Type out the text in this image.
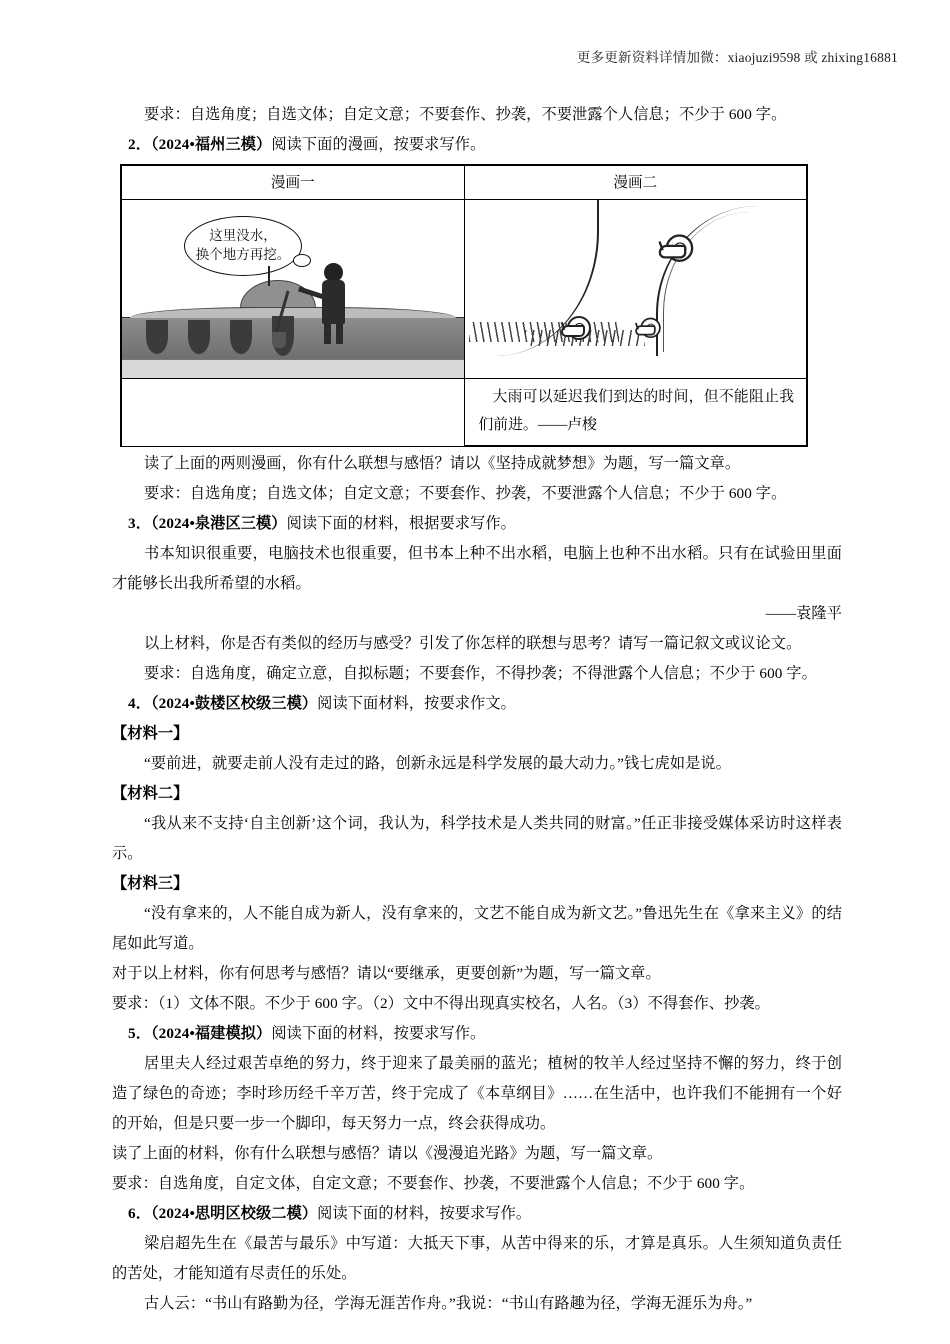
更多更新资料详情加微：xiaojuzi9598 或 zhixing16881

要求：自选角度；自选文体；自定文意；不要套作、抄袭，不要泄露个人信息；不少于 600 字。

2．（2024•福州三模）阅读下面的漫画，按要求写作。

漫画一	漫画二

这里没水，
换个地方再挖。	

	大雨可以延迟我们到达的时间，但不能阻止我们前进。——卢梭

读了上面的两则漫画，你有什么联想与感悟？请以《坚持成就梦想》为题，写一篇文章。

要求：自选角度；自选文体；自定文意；不要套作、抄袭，不要泄露个人信息；不少于 600 字。

3．（2024•泉港区三模）阅读下面的材料，根据要求写作。

书本知识很重要，电脑技术也很重要，但书本上种不出水稻，电脑上也种不出水稻。只有在试验田里面才能够长出我所希望的水稻。

——袁隆平

以上材料，你是否有类似的经历与感受？引发了你怎样的联想与思考？请写一篇记叙文或议论文。

要求：自选角度，确定立意，自拟标题；不要套作，不得抄袭；不得泄露个人信息；不少于 600 字。

4．（2024•鼓楼区校级三模）阅读下面材料，按要求作文。

【材料一】

“要前进，就要走前人没有走过的路，创新永远是科学发展的最大动力。”钱七虎如是说。

【材料二】

“我从来不支持‘自主创新’这个词，我认为，科学技术是人类共同的财富。”任正非接受媒体采访时这样表示。

【材料三】

“没有拿来的，人不能自成为新人，没有拿来的，文艺不能自成为新文艺。”鲁迅先生在《拿来主义》的结尾如此写道。

对于以上材料，你有何思考与感悟？请以“要继承，更要创新”为题，写一篇文章。

要求：（1）文体不限。不少于 600 字。（2）文中不得出现真实校名，人名。（3）不得套作、抄袭。

5．（2024•福建模拟）阅读下面的材料，按要求写作。

居里夫人经过艰苦卓绝的努力，终于迎来了最美丽的蓝光；植树的牧羊人经过坚持不懈的努力，终于创造了绿色的奇迹；李时珍历经千辛万苦，终于完成了《本草纲目》……在生活中，也许我们不能拥有一个好的开始，但是只要一步一个脚印，每天努力一点，终会获得成功。

读了上面的材料，你有什么联想与感悟？请以《漫漫追光路》为题，写一篇文章。

要求：自选角度，自定文体，自定文意；不要套作、抄袭，不要泄露个人信息；不少于 600 字。

6．（2024•思明区校级二模）阅读下面的材料，按要求写作。

梁启超先生在《最苦与最乐》中写道：大抵天下事，从苦中得来的乐，才算是真乐。人生须知道负责任的苦处，才能知道有尽责任的乐处。

古人云：“书山有路勤为径，学海无涯苦作舟。”我说：“书山有路趣为径，学海无涯乐为舟。”
